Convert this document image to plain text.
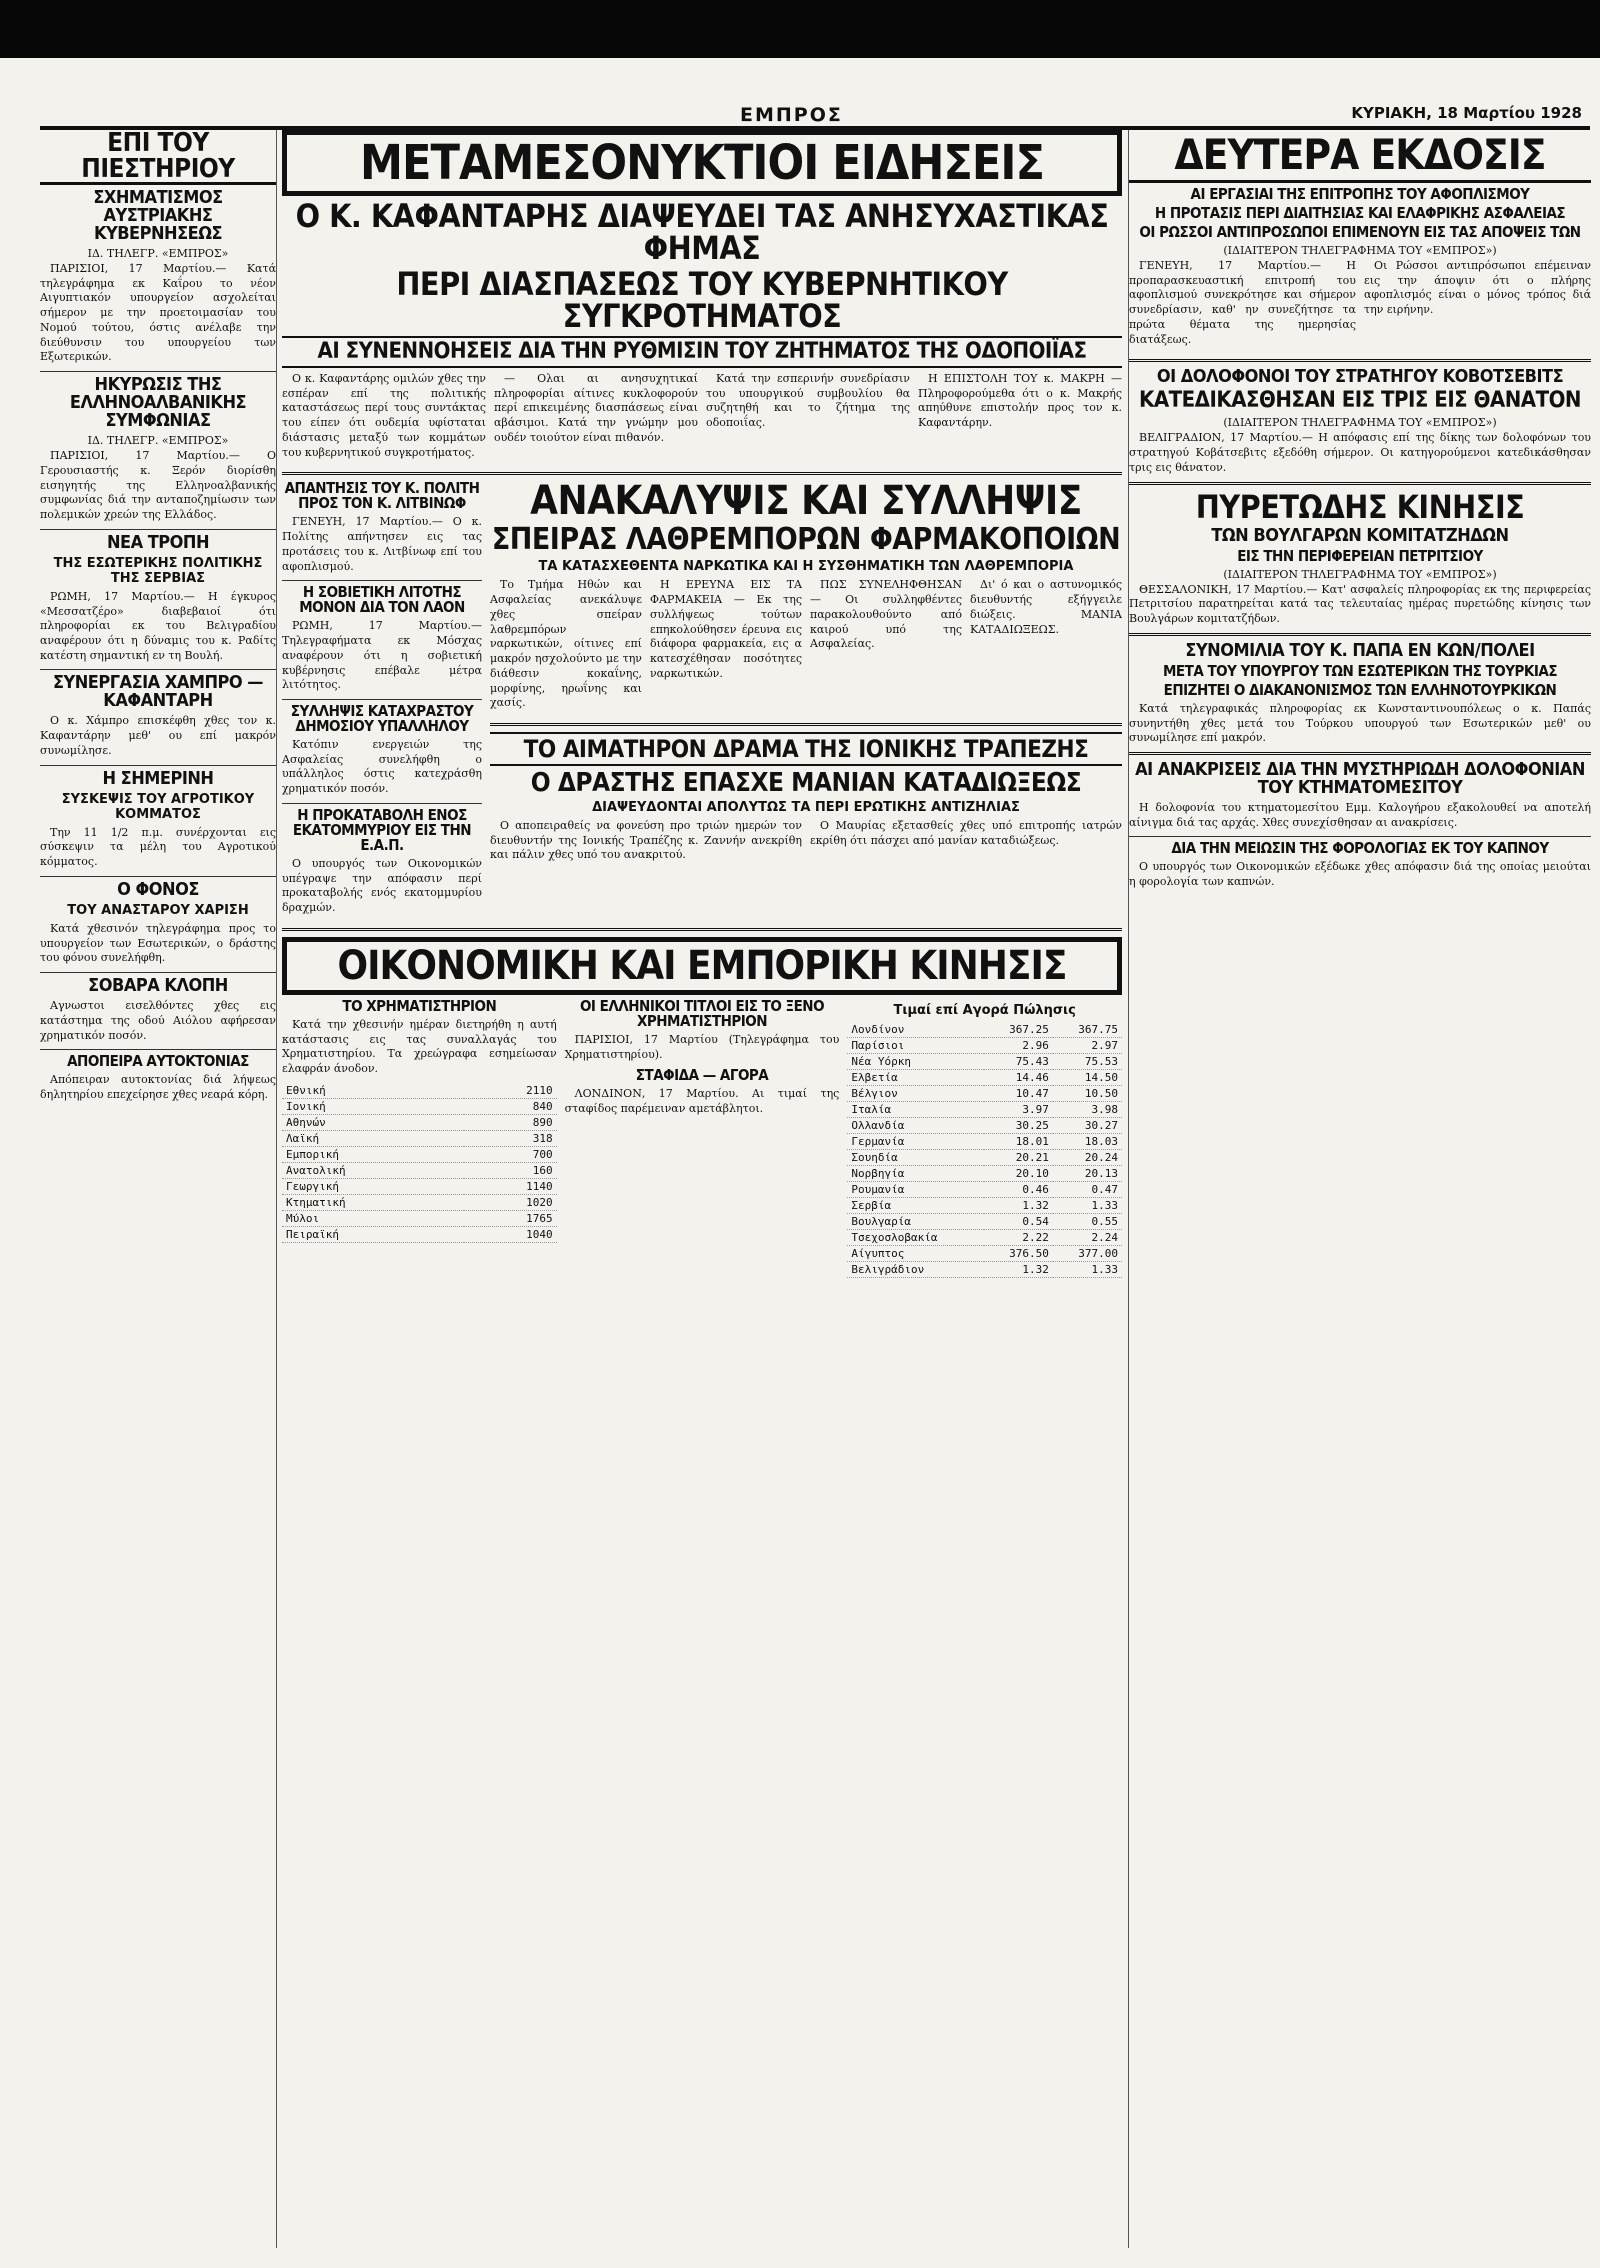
ΕΜΠΡΟΣ	ΚΥΡΙΑΚΗ, 18 Μαρτίου 1928
ΕΠΙ ΤΟΥ ΠΙΕΣΤΗΡΙΟΥ
ΣΧΗΜΑΤΙΣΜΟΣ ΑΥΣΤΡΙΑΚΗΣ ΚΥΒΕΡΝΗΣΕΩΣ
ΙΔ. ΤΗΛΕΓΡ. «ΕΜΠΡΟΣ»

ΠΑΡΙΣΙΟΙ, 17 Μαρτίου.— Κατά τηλεγράφημα εκ Καΐρου το νέον Αιγυπτιακόν υπουργείον ασχολείται σήμερον με την προετοιμασίαν του Νομού τούτου, όστις ανέλαβε την διεύθυνσιν του υπουργείου των Εξωτερικών.

ΗΚΥΡΩΣΙΣ ΤΗΣ ΕΛΛΗΝΟΑΛΒΑΝΙΚΗΣ ΣΥΜΦΩΝΙΑΣ
ΙΔ. ΤΗΛΕΓΡ. «ΕΜΠΡΟΣ»

ΠΑΡΙΣΙΟΙ, 17 Μαρτίου.— Ο Γερουσιαστής κ. Ξερόν διορίσθη εισηγητής της Ελληνοαλβανικής συμφωνίας διά την ανταποζημίωσιν των πολεμικών χρεών της Ελλάδος.

ΝΕΑ ΤΡΟΠΗ
ΤΗΣ ΕΣΩΤΕΡΙΚΗΣ ΠΟΛΙΤΙΚΗΣ ΤΗΣ ΣΕΡΒΙΑΣ

ΡΩΜΗ, 17 Μαρτίου.— Η έγκυρος «Μεσσατζέρο» διαβεβαιοί ότι πληροφορίαι εκ του Βελιγραδίου αναφέρουν ότι η δύναμις του κ. Ραδίτς κατέστη σημαντική εν τη Βουλή.

ΣΥΝΕΡΓΑΣΙΑ ΧΑΜΠΡΟ — ΚΑΦΑΝΤΑΡΗ

Ο κ. Χάμπρο επισκέφθη χθες τον κ. Καφαντάρην μεθ' ου επί μακρόν συνωμίλησε.

Η ΣΗΜΕΡΙΝΗ
ΣΥΣΚΕΨΙΣ ΤΟΥ ΑΓΡΟΤΙΚΟΥ ΚΟΜΜΑΤΟΣ

Την 11 1/2 π.μ. συνέρχονται εις σύσκεψιν τα μέλη του Αγροτικού κόμματος.

Ο ΦΟΝΟΣ
ΤΟΥ ΑΝΑΣΤΑΡΟΥ ΧΑΡΙΣΗ

Κατά χθεσινόν τηλεγράφημα προς το υπουργείον των Εσωτερικών, ο δράστης του φόνου συνελήφθη.

ΣΟΒΑΡΑ ΚΛΟΠΗ

Αγνωστοι εισελθόντες χθες εις κατάστημα της οδού Αιόλου αφήρεσαν χρηματικόν ποσόν.

ΑΠΟΠΕΙΡΑ ΑΥΤΟΚΤΟΝΙΑΣ

Απόπειραν αυτοκτονίας διά λήψεως δηλητηρίου επεχείρησε χθες νεαρά κόρη.

ΜΕΤΑΜΕΣΟΝΥΚΤΙΟΙ ΕΙΔΗΣΕΙΣ
Ο Κ. ΚΑΦΑΝΤΑΡΗΣ ΔΙΑΨΕΥΔΕΙ ΤΑΣ ΑΝΗΣΥΧΑΣΤΙΚΑΣ ΦΗΜΑΣ
ΠΕΡΙ ΔΙΑΣΠΑΣΕΩΣ ΤΟΥ ΚΥΒΕΡΝΗΤΙΚΟΥ ΣΥΓΚΡΟΤΗΜΑΤΟΣ
ΑΙ ΣΥΝΕΝΝΟΗΣΕΙΣ ΔΙΑ ΤΗΝ ΡΥΘΜΙΣΙΝ ΤΟΥ ΖΗΤΗΜΑΤΟΣ ΤΗΣ ΟΔΟΠΟΙΪΑΣ

Ο κ. Καφαντάρης ομιλών χθες την εσπέραν επί της πολιτικής καταστάσεως περί τους συντάκτας του είπεν ότι ουδεμία υφίσταται διάστασις μεταξύ των κομμάτων του κυβερνητικού συγκροτήματος.

— Ολαι αι ανησυχητικαί πληροφορίαι αίτινες κυκλοφορούν περί επικειμένης διασπάσεως είναι αβάσιμοι. Κατά την γνώμην μου ουδέν τοιούτον είναι πιθανόν.

Κατά την εσπερινήν συνεδρίασιν του υπουργικού συμβουλίου θα συζητηθή και το ζήτημα της οδοποιΐας.

Η ΕΠΙΣΤΟΛΗ ΤΟΥ κ. ΜΑΚΡΗ — Πληροφορούμεθα ότι ο κ. Μακρής απηύθυνε επιστολήν προς τον κ. Καφαντάρην.

ΑΠΑΝΤΗΣΙΣ ΤΟΥ Κ. ΠΟΛΙΤΗ ΠΡΟΣ ΤΟΝ Κ. ΛΙΤΒΙΝΩΦ

ΓΕΝΕΥΗ, 17 Μαρτίου.— Ο κ. Πολίτης απήντησεν εις τας προτάσεις του κ. Λιτβίνωφ επί του αφοπλισμού.

Η ΣΟΒΙΕΤΙΚΗ ΛΙΤΟΤΗΣ ΜΟΝΟΝ ΔΙΑ ΤΟΝ ΛΑΟΝ

ΡΩΜΗ, 17 Μαρτίου.— Τηλεγραφήματα εκ Μόσχας αναφέρουν ότι η σοβιετική κυβέρνησις επέβαλε μέτρα λιτότητος.

ΣΥΛΛΗΨΙΣ ΚΑΤΑΧΡΑΣΤΟΥ ΔΗΜΟΣΙΟΥ ΥΠΑΛΛΗΛΟΥ

Κατόπιν ενεργειών της Ασφαλείας συνελήφθη ο υπάλληλος όστις κατεχράσθη χρηματικόν ποσόν.

Η ΠΡΟΚΑΤΑΒΟΛΗ ΕΝΟΣ ΕΚΑΤΟΜΜΥΡΙΟΥ ΕΙΣ ΤΗΝ Ε.Α.Π.

Ο υπουργός των Οικονομικών υπέγραψε την απόφασιν περί προκαταβολής ενός εκατομμυρίου δραχμών.

ΑΝΑΚΑΛΥΨΙΣ ΚΑΙ ΣΥΛΛΗΨΙΣ
ΣΠΕΙΡΑΣ ΛΑΘΡΕΜΠΟΡΩΝ ΦΑΡΜΑΚΟΠΟΙΩΝ
ΤΑ ΚΑΤΑΣΧΕΘΕΝΤΑ ΝΑΡΚΩΤΙΚΑ ΚΑΙ Η ΣΥΣΘΗΜΑΤΙΚΗ ΤΩΝ ΛΑΘΡΕΜΠΟΡΙΑ

Το Τμήμα Ηθών και Ασφαλείας ανεκάλυψε χθες σπείραν λαθρεμπόρων ναρκωτικών, οίτινες επί μακρόν ησχολούντο με την διάθεσιν κοκαΐνης, μορφίνης, ηρωΐνης και χασίς.

Η ΕΡΕΥΝΑ ΕΙΣ ΤΑ ΦΑΡΜΑΚΕΙΑ — Εκ της συλλήψεως τούτων επηκολούθησεν έρευνα εις διάφορα φαρμακεία, εις α κατεσχέθησαν ποσότητες ναρκωτικών.

ΠΩΣ ΣΥΝΕΛΗΦΘΗΣΑΝ — Οι συλληφθέντες παρακολουθούντο από καιρού υπό της Ασφαλείας.

Δι' ό και ο αστυνομικός διευθυντής εξήγγειλε διώξεις. ΜΑΝΙΑ ΚΑΤΑΔΙΩΞΕΩΣ.

ΤΟ ΑΙΜΑΤΗΡΟΝ ΔΡΑΜΑ ΤΗΣ ΙΟΝΙΚΗΣ ΤΡΑΠΕΖΗΣ
Ο ΔΡΑΣΤΗΣ ΕΠΑΣΧΕ ΜΑΝΙΑΝ ΚΑΤΑΔΙΩΞΕΩΣ
ΔΙΑΨΕΥΔΟΝΤΑΙ ΑΠΟΛΥΤΩΣ ΤΑ ΠΕΡΙ ΕΡΩΤΙΚΗΣ ΑΝΤΙΖΗΛΙΑΣ

Ο αποπειραθείς να φονεύση προ τριών ημερών τον διευθυντήν της Ιονικής Τραπέζης κ. Ζαννήν ανεκρίθη και πάλιν χθες υπό του ανακριτού.

Ο Μαυρίας εξετασθείς χθες υπό επιτροπής ιατρών εκρίθη ότι πάσχει από μανίαν καταδιώξεως.

ΟΙΚΟΝΟΜΙΚΗ ΚΑΙ ΕΜΠΟΡΙΚΗ ΚΙΝΗΣΙΣ
ΤΟ ΧΡΗΜΑΤΙΣΤΗΡΙΟΝ

Κατά την χθεσινήν ημέραν διετηρήθη η αυτή κατάστασις εις τας συναλλαγάς του Χρηματιστηρίου. Τα χρεώγραφα εσημείωσαν ελαφράν άνοδον.

Εθνική	2110
Ιονική	840
Αθηνών	890
Λαϊκή	318
Εμπορική	700
Ανατολική	160
Γεωργική	1140
Κτηματική	1020
Μύλοι	1765
Πειραϊκή	1040
ΟΙ ΕΛΛΗΝΙΚΟΙ ΤΙΤΛΟΙ ΕΙΣ ΤΟ ΞΕΝΟ ΧΡΗΜΑΤΙΣΤΗΡΙΟΝ

ΠΑΡΙΣΙΟΙ, 17 Μαρτίου (Τηλεγράφημα του Χρηματιστηρίου).

ΣΤΑΦΙΔΑ — ΑΓΟΡΑ

ΛΟΝΔΙΝΟΝ, 17 Μαρτίου. Αι τιμαί της σταφίδος παρέμειναν αμετάβλητοι.

Τιμαί επί Αγορά Πώλησις
Λονδίνον	367.25	367.75
Παρίσιοι	2.96	2.97
Νέα Υόρκη	75.43	75.53
Ελβετία	14.46	14.50
Βέλγιον	10.47	10.50
Ιταλία	3.97	3.98
Ολλανδία	30.25	30.27
Γερμανία	18.01	18.03
Σουηδία	20.21	20.24
Νορβηγία	20.10	20.13
Ρουμανία	0.46	0.47
Σερβία	1.32	1.33
Βουλγαρία	0.54	0.55
Τσεχοσλοβακία	2.22	2.24
Αίγυπτος	376.50	377.00
Βελιγράδιον	1.32	1.33
ΔΕΥΤΕΡΑ ΕΚΔΟΣΙΣ
ΑΙ ΕΡΓΑΣΙΑΙ ΤΗΣ ΕΠΙΤΡΟΠΗΣ ΤΟΥ ΑΦΟΠΛΙΣΜΟΥ
Η ΠΡΟΤΑΣΙΣ ΠΕΡΙ ΔΙΑΙΤΗΣΙΑΣ ΚΑΙ ΕΛΑΦΡΙΚΗΣ ΑΣΦΑΛΕΙΑΣ
ΟΙ ΡΩΣΣΟΙ ΑΝΤΙΠΡΟΣΩΠΟΙ ΕΠΙΜΕΝΟΥΝ ΕΙΣ ΤΑΣ ΑΠΟΨΕΙΣ ΤΩΝ
(ΙΔΙΑΙΤΕΡΟΝ ΤΗΛΕΓΡΑΦΗΜΑ ΤΟΥ «ΕΜΠΡΟΣ»)

ΓΕΝΕΥΗ, 17 Μαρτίου.— Η προπαρασκευαστική επιτροπή του αφοπλισμού συνεκρότησε και σήμερον συνεδρίασιν, καθ' ην συνεζήτησε τα πρώτα θέματα της ημερησίας διατάξεως.

Οι Ρώσσοι αντιπρόσωποι επέμειναν εις την άποψιν ότι ο πλήρης αφοπλισμός είναι ο μόνος τρόπος διά την ειρήνην.

ΟΙ ΔΟΛΟΦΟΝΟΙ ΤΟΥ ΣΤΡΑΤΗΓΟΥ ΚΟΒΟΤΣΕΒΙΤΣ
ΚΑΤΕΔΙΚΑΣΘΗΣΑΝ ΕΙΣ ΤΡΙΣ ΕΙΣ ΘΑΝΑΤΟΝ
(ΙΔΙΑΙΤΕΡΟΝ ΤΗΛΕΓΡΑΦΗΜΑ ΤΟΥ «ΕΜΠΡΟΣ»)

ΒΕΛΙΓΡΑΔΙΟΝ, 17 Μαρτίου.— Η απόφασις επί της δίκης των δολοφόνων του στρατηγού Κοβάτσεβιτς εξεδόθη σήμερον. Οι κατηγορούμενοι κατεδικάσθησαν τρις εις θάνατον.

ΠΥΡΕΤΩΔΗΣ ΚΙΝΗΣΙΣ
ΤΩΝ ΒΟΥΛΓΑΡΩΝ ΚΟΜΙΤΑΤΖΗΔΩΝ
ΕΙΣ ΤΗΝ ΠΕΡΙΦΕΡΕΙΑΝ ΠΕΤΡΙΤΣΙΟΥ
(ΙΔΙΑΙΤΕΡΟΝ ΤΗΛΕΓΡΑΦΗΜΑ ΤΟΥ «ΕΜΠΡΟΣ»)

ΘΕΣΣΑΛΟΝΙΚΗ, 17 Μαρτίου.— Κατ' ασφαλείς πληροφορίας εκ της περιφερείας Πετριτσίου παρατηρείται κατά τας τελευταίας ημέρας πυρετώδης κίνησις των Βουλγάρων κομιτατζήδων.

ΣΥΝΟΜΙΛΙΑ ΤΟΥ Κ. ΠΑΠΑ ΕΝ ΚΩΝ/ΠΟΛΕΙ
ΜΕΤΑ ΤΟΥ ΥΠΟΥΡΓΟΥ ΤΩΝ ΕΣΩΤΕΡΙΚΩΝ ΤΗΣ ΤΟΥΡΚΙΑΣ
ΕΠΙΖΗΤΕΙ Ο ΔΙΑΚΑΝΟΝΙΣΜΟΣ ΤΩΝ ΕΛΛΗΝΟΤΟΥΡΚΙΚΩΝ

Κατά τηλεγραφικάς πληροφορίας εκ Κωνσταντινουπόλεως ο κ. Παπάς συνηντήθη χθες μετά του Τούρκου υπουργού των Εσωτερικών μεθ' ου συνωμίλησε επί μακρόν.

ΑΙ ΑΝΑΚΡΙΣΕΙΣ ΔΙΑ ΤΗΝ ΜΥΣΤΗΡΙΩΔΗ ΔΟΛΟΦΟΝΙΑΝ ΤΟΥ ΚΤΗΜΑΤΟΜΕΣΙΤΟΥ

Η δολοφονία του κτηματομεσίτου Εμμ. Καλογήρου εξακολουθεί να αποτελή αίνιγμα διά τας αρχάς. Χθες συνεχίσθησαν αι ανακρίσεις.

ΔΙΑ ΤΗΝ ΜΕΙΩΣΙΝ ΤΗΣ ΦΟΡΟΛΟΓΙΑΣ ΕΚ ΤΟΥ ΚΑΠΝΟΥ

Ο υπουργός των Οικονομικών εξέδωκε χθες απόφασιν διά της οποίας μειούται η φορολογία των καπνών.
